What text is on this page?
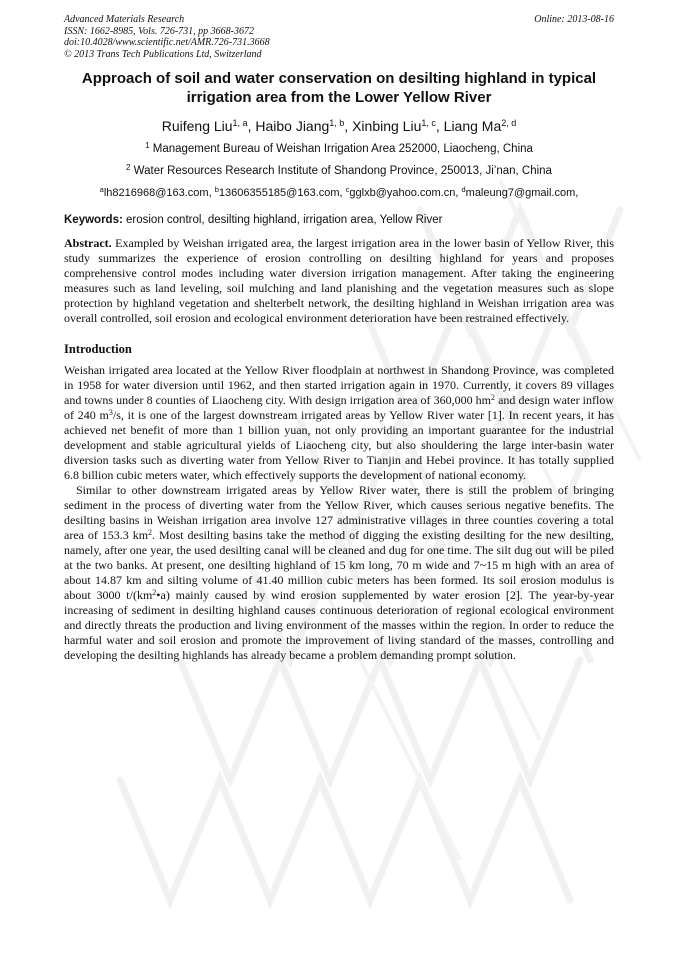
Advanced Materials Research
ISSN: 1662-8985, Vols. 726-731, pp 3668-3672
doi:10.4028/www.scientific.net/AMR.726-731.3668
© 2013 Trans Tech Publications Ltd, Switzerland
Online: 2013-08-16
Approach of soil and water conservation on desilting highland in typical irrigation area from the Lower Yellow River
Ruifeng Liu$^{1, a}$, Haibo Jiang$^{1, b}$, Xinbing Liu$^{1, c}$, Liang Ma$^{2, d}$
$^1$ Management Bureau of Weishan Irrigation Area 252000, Liaocheng, China
$^2$ Water Resources Research Institute of Shandong Province, 250013, Ji’nan, China
$^a$lh8216968@163.com, $^b$13606355185@163.com, $^c$gglxb@yahoo.com.cn, $^d$maleung7@gmail.com,
Keywords: erosion control, desilting highland, irrigation area, Yellow River
Abstract. Exampled by Weishan irrigated area, the largest irrigation area in the lower basin of Yellow River, this study summarizes the experience of erosion controlling on desilting highland for years and proposes comprehensive control modes including water diversion irrigation management. After taking the engineering measures such as land leveling, soil mulching and land planishing and the vegetation measures such as slope protection by highland vegetation and shelterbelt network, the desilting highland in Weishan irrigation area was overall controlled, soil erosion and ecological environment deterioration have been restrained effectively.
Introduction
Weishan irrigated area located at the Yellow River floodplain at northwest in Shandong Province, was completed in 1958 for water diversion until 1962, and then started irrigation again in 1970. Currently, it covers 89 villages and towns under 8 counties of Liaocheng city. With design irrigation area of 360,000 $hm^2$ and design water inflow of 240 $m^3/s$, it is one of the largest downstream irrigated areas by Yellow River water [1]. In recent years, it has achieved net benefit of more than 1 billion yuan, not only providing an important guarantee for the industrial development and stable agricultural yields of Liaocheng city, but also shouldering the large inter-basin water diversion tasks such as diverting water from Yellow River to Tianjin and Hebei province. It has totally supplied 6.8 billion cubic meters water, which effectively supports the development of national economy.
Similar to other downstream irrigated areas by Yellow River water, there is still the problem of bringing sediment in the process of diverting water from the Yellow River, which causes serious negative benefits. The desilting basins in Weishan irrigation area involve 127 administrative villages in three counties covering a total area of 153.3 $km^2$. Most desilting basins take the method of digging the existing desilting for the new desilting, namely, after one year, the used desilting canal will be cleaned and dug for one time. The silt dug out will be piled at the two banks. At present, one desilting highland of 15 km long, 70 m wide and 7~15 m high with an area of about 14.87 km and silting volume of 41.40 million cubic meters has been formed. Its soil erosion modulus is about 3000 $t/(km^2•a)$ mainly caused by wind erosion supplemented by water erosion [2]. The year-by-year increasing of sediment in desilting highland causes continuous deterioration of regional ecological environment and directly threats the production and living environment of the masses within the region. In order to reduce the harmful water and soil erosion and promote the improvement of living standard of the masses, controlling and developing the desilting highlands has already became a problem demanding prompt solution.
